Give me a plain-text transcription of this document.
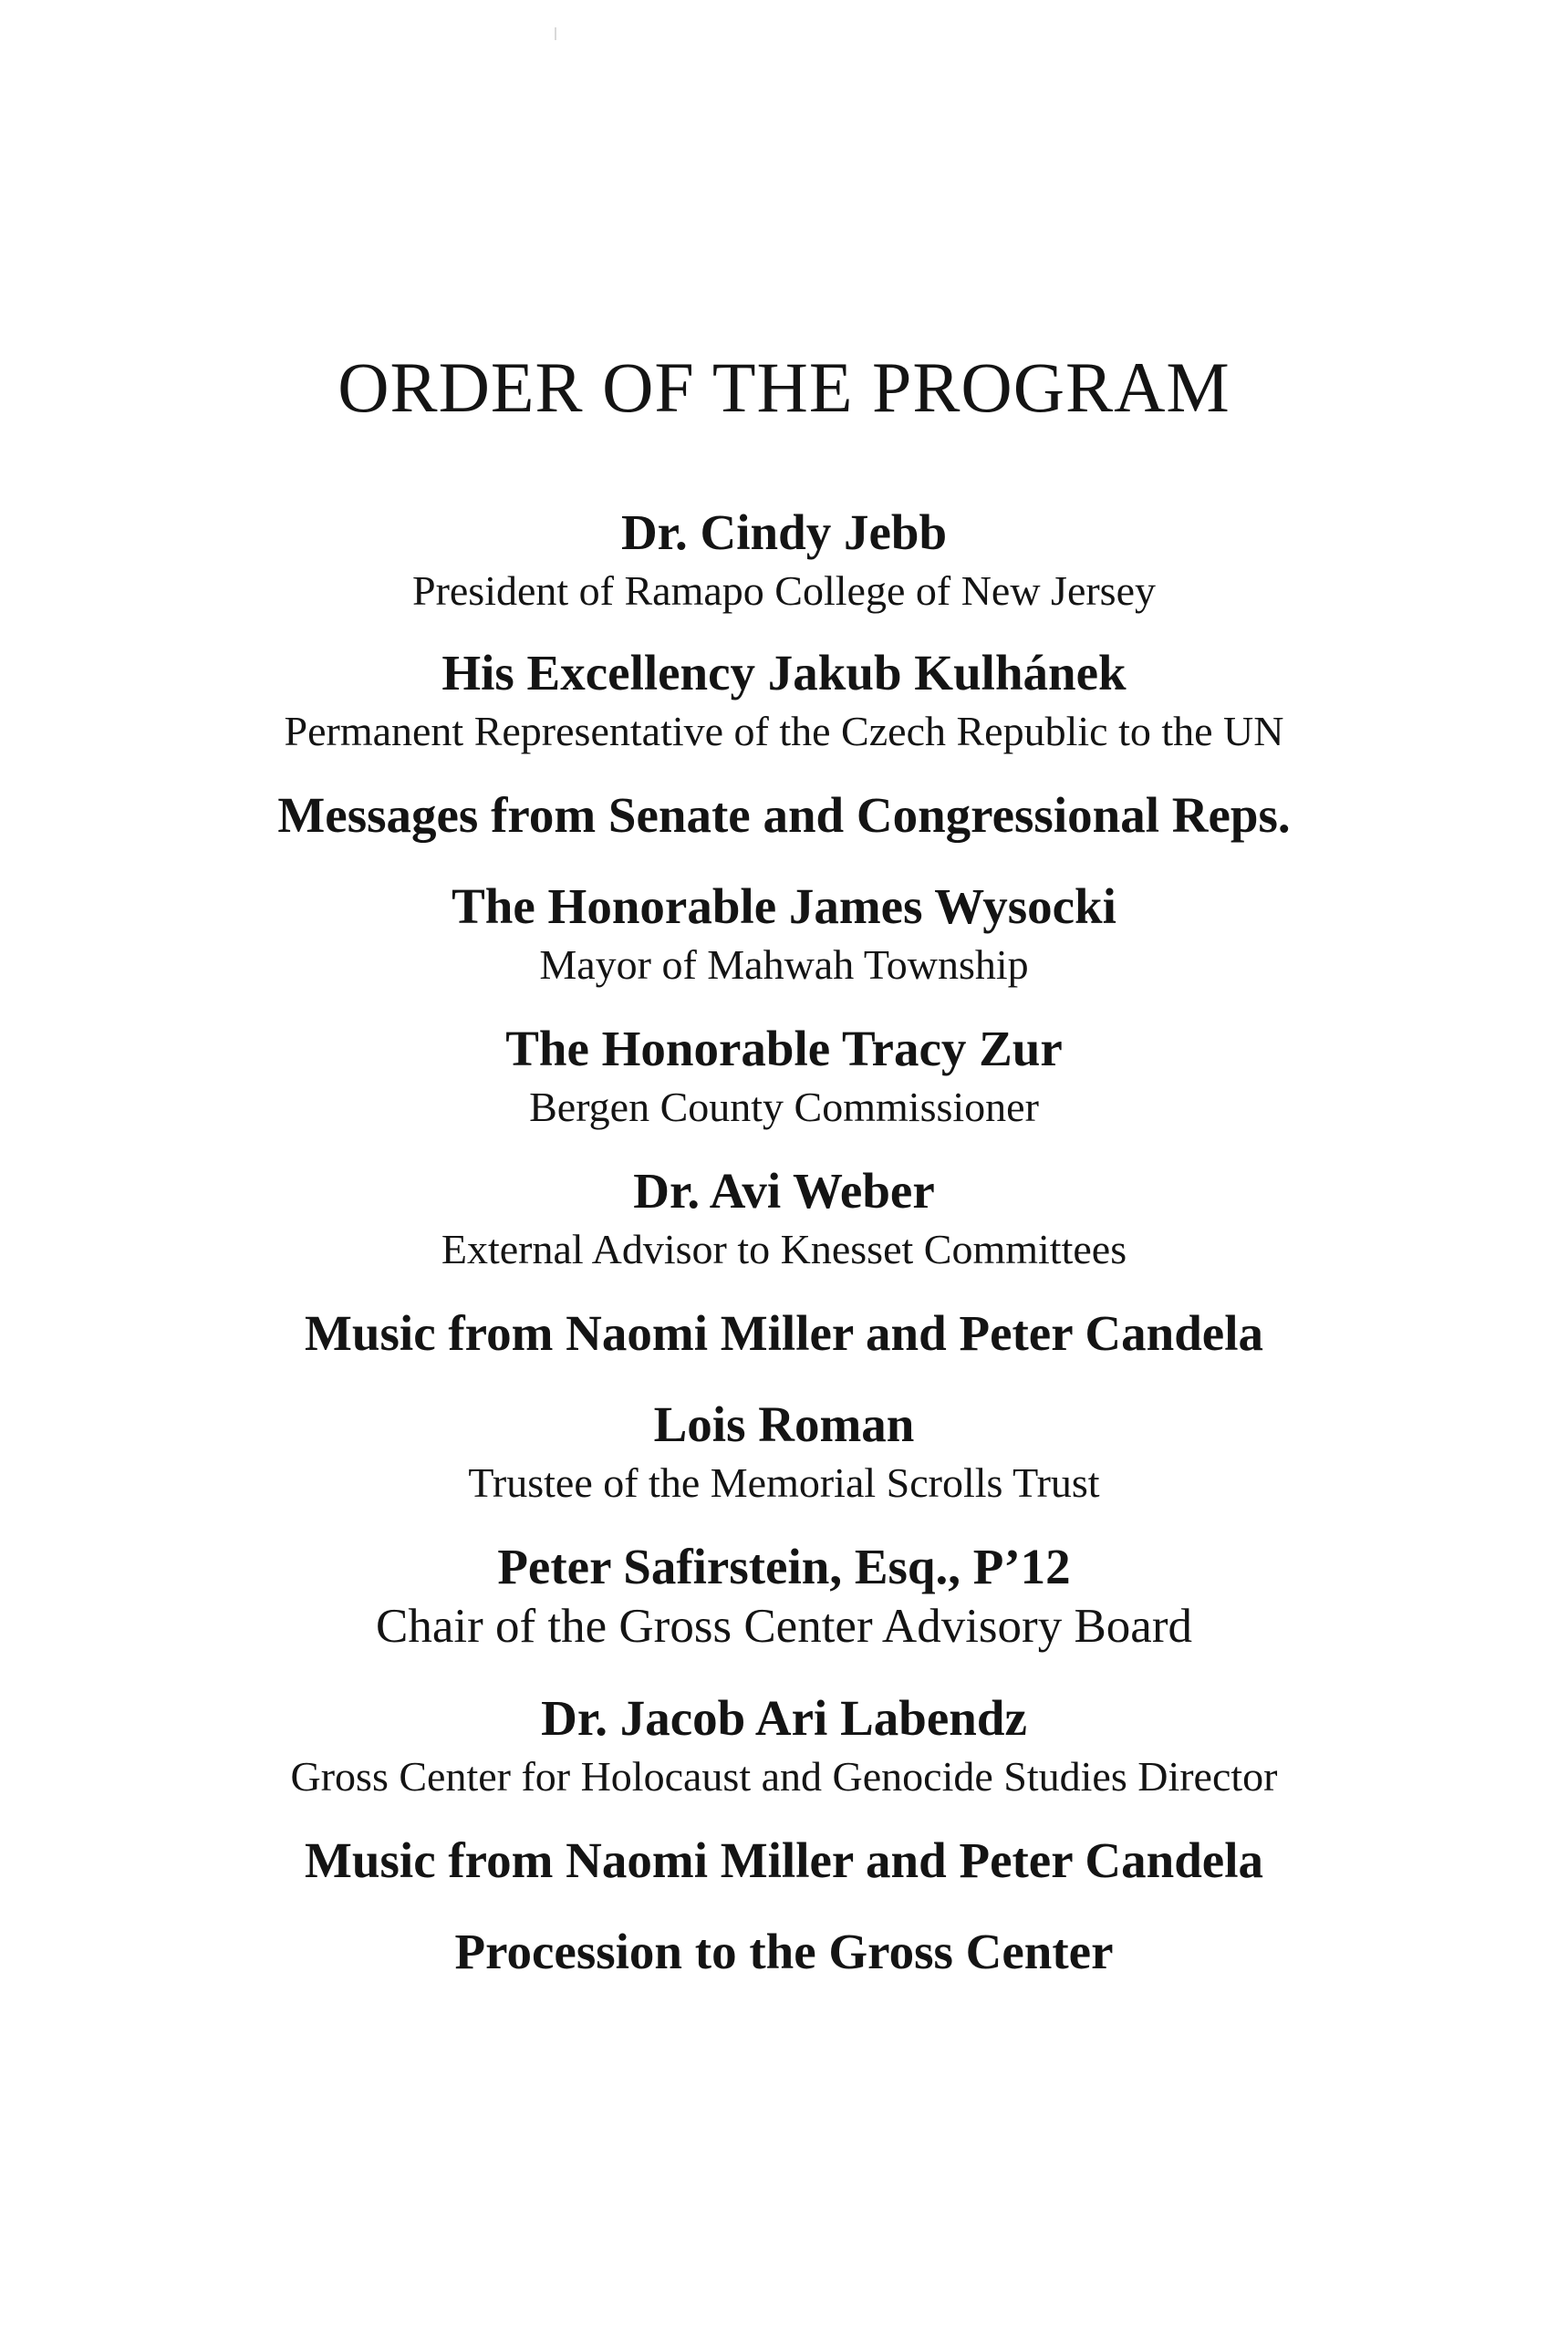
ORDER OF THE PROGRAM
Dr. Cindy Jebb
President of Ramapo College of New Jersey
His Excellency Jakub Kulhánek
Permanent Representative of the Czech Republic to the UN
Messages from Senate and Congressional Reps.
The Honorable James Wysocki
Mayor of Mahwah Township
The Honorable Tracy Zur
Bergen County Commissioner
Dr. Avi Weber
External Advisor to Knesset Committees
Music from Naomi Miller and Peter Candela
Lois Roman
Trustee of the Memorial Scrolls Trust
Peter Safirstein, Esq., P’12
Chair of the Gross Center Advisory Board
Dr. Jacob Ari Labendz
Gross Center for Holocaust and Genocide Studies Director
Music from Naomi Miller and Peter Candela
Procession to the Gross Center
